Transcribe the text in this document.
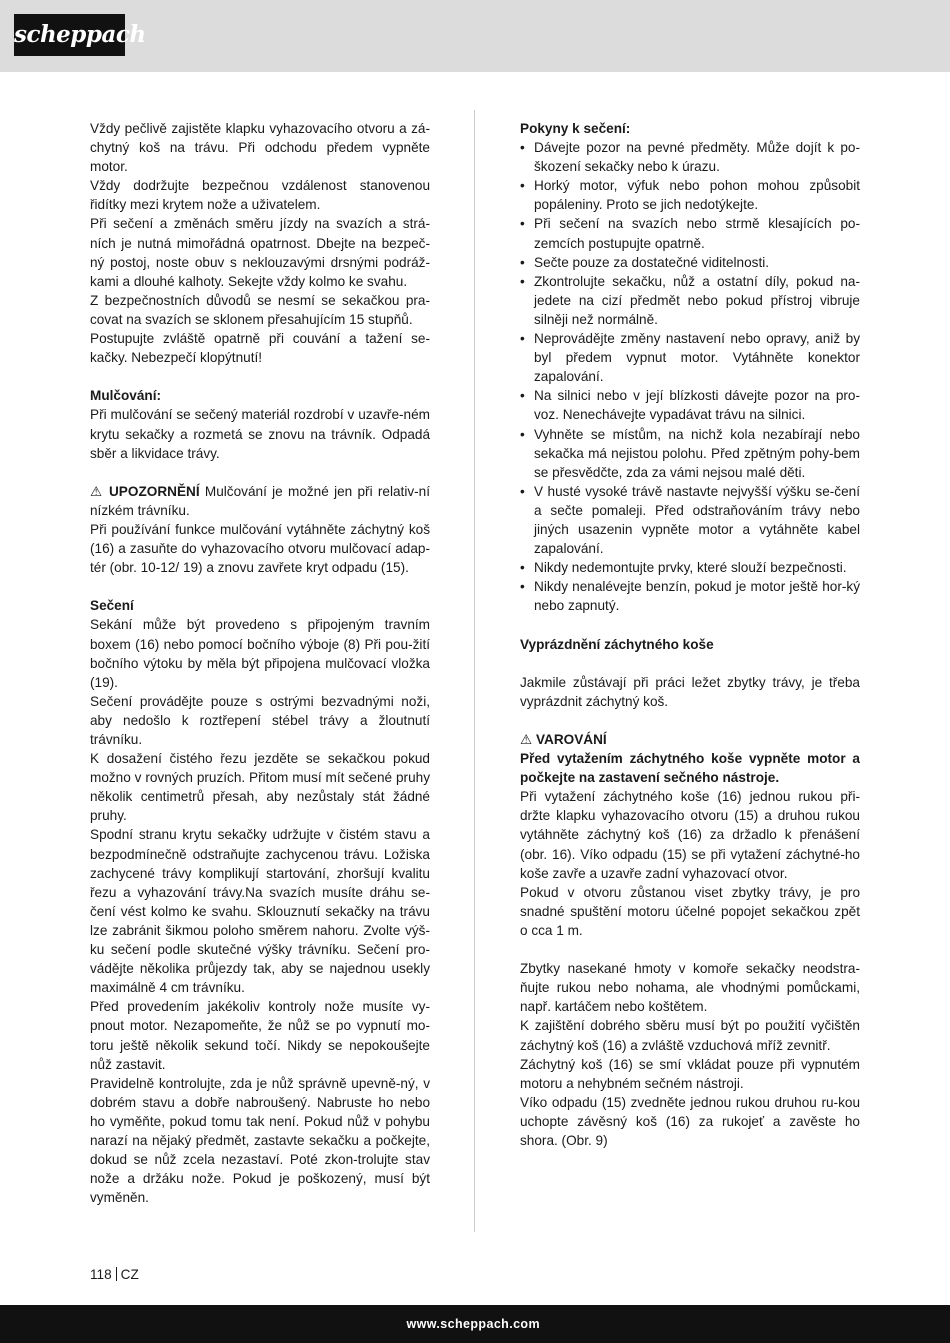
scheppach

Vždy pečlivě zajistěte klapku vyhazovacího otvoru a zá-chytný koš na trávu. Při odchodu předem vypněte motor.

Vždy dodržujte bezpečnou vzdálenost stanovenou řidítky mezi krytem nože a uživatelem.

Při sečení a změnách směru jízdy na svazích a strá-ních je nutná mimořádná opatrnost. Dbejte na bezpeč-ný postoj, noste obuv s neklouzavými drsnými podráž-kami a dlouhé kalhoty. Sekejte vždy kolmo ke svahu.

Z bezpečnostních důvodů se nesmí se sekačkou pra-covat na svazích se sklonem přesahujícím 15 stupňů.

Postupujte zvláště opatrně při couvání a tažení se-kačky. Nebezpečí klopýtnutí!

Mulčování:

Při mulčování se sečený materiál rozdrobí v uzavře-ném krytu sekačky a rozmetá se znovu na trávník. Odpadá sběr a likvidace trávy.

⚠ UPOZORNĚNÍ Mulčování je možné jen při relativ-ní nízkém trávníku.

Při používání funkce mulčování vytáhněte záchytný koš (16) a zasuňte do vyhazovacího otvoru mulčovací adap-tér (obr. 10-12/ 19) a znovu zavřete kryt odpadu (15).

Sečení

Sekání může být provedeno s připojeným travním boxem (16) nebo pomocí bočního výboje (8) Při pou-žití bočního výtoku by měla být připojena mulčovací vložka (19).

Sečení provádějte pouze s ostrými bezvadnými noži, aby nedošlo k roztřepení stébel trávy a žloutnutí trávníku.

K dosažení čistého řezu jezděte se sekačkou pokud možno v rovných pruzích. Přitom musí mít sečené pruhy několik centimetrů přesah, aby nezůstaly stát žádné pruhy.

Spodní stranu krytu sekačky udržujte v čistém stavu a bezpodmínečně odstraňujte zachycenou trávu. Ložiska zachycené trávy komplikují startování, zhoršují kvalitu řezu a vyhazování trávy.Na svazích musíte dráhu se-čení vést kolmo ke svahu. Sklouznutí sekačky na trávu lze zabránit šikmou poloho směrem nahoru. Zvolte výš-ku sečení podle skutečné výšky trávníku. Sečení pro-vádějte několika průjezdy tak, aby se najednou usekly maximálně 4 cm trávníku.

Před provedením jakékoliv kontroly nože musíte vy-pnout motor. Nezapomeňte, že nůž se po vypnutí mo-toru ještě několik sekund točí. Nikdy se nepokoušejte nůž zastavit.

Pravidelně kontrolujte, zda je nůž správně upevně-ný, v dobrém stavu a dobře nabroušený. Nabruste ho nebo ho vyměňte, pokud tomu tak není. Pokud nůž v pohybu narazí na nějaký předmět, zastavte sekačku a počkejte, dokud se nůž zcela nezastaví. Poté zkon-trolujte stav nože a držáku nože. Pokud je poškozený, musí být vyměněn.

Pokyny k sečení:

• Dávejte pozor na pevné předměty. Může dojít k po-škození sekačky nebo k úrazu.
• Horký motor, výfuk nebo pohon mohou způsobit popáleniny. Proto se jich nedotýkejte.
• Při sečení na svazích nebo strmě klesajících po-zemcích postupujte opatrně.
• Sečte pouze za dostatečné viditelnosti.
• Zkontrolujte sekačku, nůž a ostatní díly, pokud na-jedete na cizí předmět nebo pokud přístroj vibruje silněji než normálně.
• Neprovádějte změny nastavení nebo opravy, aniž by byl předem vypnut motor. Vytáhněte konektor zapalování.
• Na silnici nebo v její blízkosti dávejte pozor na pro-voz. Nenechávejte vypadávat trávu na silnici.
• Vyhněte se místům, na nichž kola nezabírají nebo sekačka má nejistou polohu. Před zpětným pohy-bem se přesvědčte, zda za vámi nejsou malé děti.
• V husté vysoké trávě nastavte nejvyšší výšku se-čení a sečte pomaleji. Před odstraňováním trávy nebo jiných usazenin vypněte motor a vytáhněte kabel zapalování.
• Nikdy nedemontujte prvky, které slouží bezpečnosti.
• Nikdy nenalévejte benzín, pokud je motor ještě hor-ký nebo zapnutý.

Vyprázdnění záchytného koše

Jakmile zůstávají při práci ležet zbytky trávy, je třeba vyprázdnit záchytný koš.

⚠ VAROVÁNÍ

Před vytažením záchytného koše vypněte motor a počkejte na zastavení sečného nástroje.

Při vytažení záchytného koše (16) jednou rukou při-držte klapku vyhazovacího otvoru (15) a druhou rukou vytáhněte záchytný koš (16) za držadlo k přenášení (obr. 16). Víko odpadu (15) se při vytažení záchytné-ho koše zavře a uzavře zadní vyhazovací otvor.

Pokud v otvoru zůstanou viset zbytky trávy, je pro snadné spuštění motoru účelné popojet sekačkou zpět o cca 1 m.

Zbytky nasekané hmoty v komoře sekačky neodstra-ňujte rukou nebo nohama, ale vhodnými pomůckami, např. kartáčem nebo koštětem.

K zajištění dobrého sběru musí být po použití vyčištěn záchytný koš (16) a zvláště vzduchová mříž zevnitř.

Záchytný koš (16) se smí vkládat pouze při vypnutém motoru a nehybném sečném nástroji.

Víko odpadu (15) zvedněte jednou rukou druhou ru-kou uchopte závěsný koš (16) za rukojeť a zavěste ho shora. (Obr. 9)

118 CZ
www.scheppach.com
